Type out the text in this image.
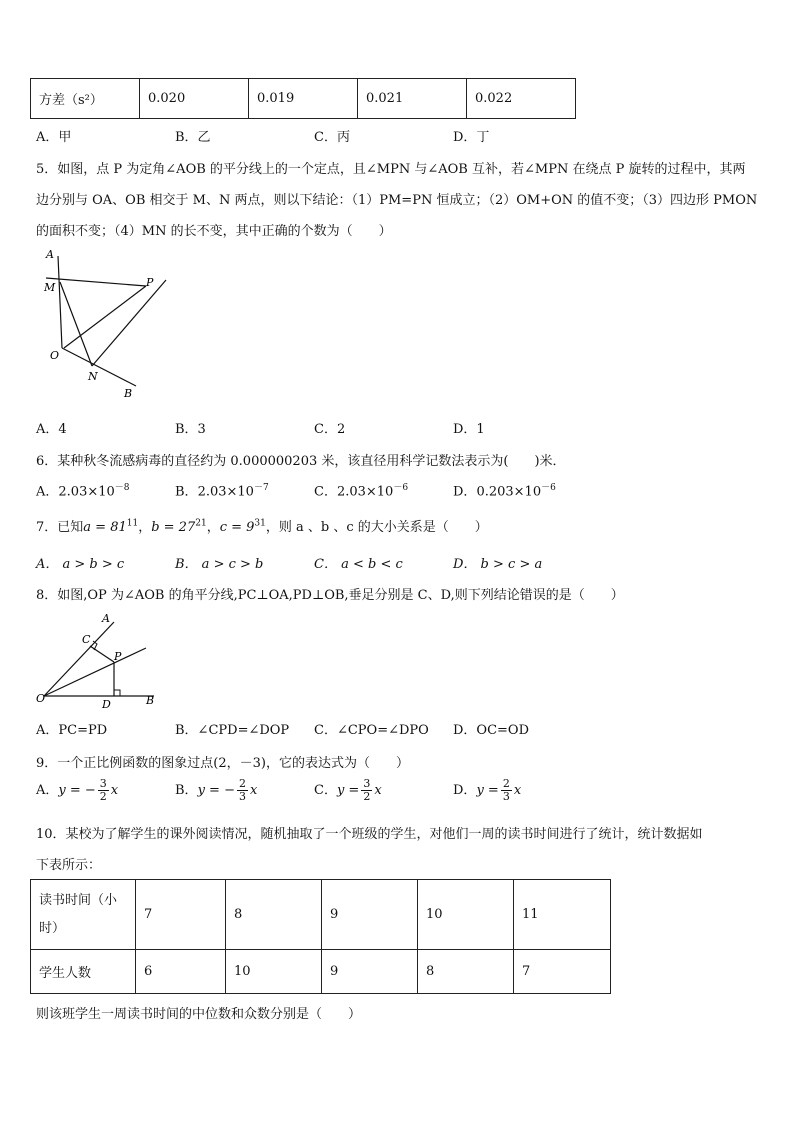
方差（s²）	0.020	0.019	0.021	0.022
A．甲	B．乙	C．丙	D．丁
5．如图，点 P 为定角∠AOB 的平分线上的一个定点，且∠MPN 与∠AOB 互补，若∠MPN 在绕点 P 旋转的过程中，其两
边分别与 OA、OB 相交于 M、N 两点，则以下结论：（1）PM=PN 恒成立；（2）OM+ON 的值不变；（3）四边形 PMON
的面积不变；（4）MN 的长不变，其中正确的个数为（　　）
A
M	P
O
N
B
A．4	B．3	C．2	D．1
6．某种秋冬流感病毒的直径约为 0.000000203 米，该直径用科学记数法表示为(　　)米．
A．$2.03\times 10^{-8}$	B．$2.03\times 10^{-7}$	C．$2.03\times 10^{-6}$	D．$0.203\times 10^{-6}$
7．已知$a = 81^{11}$，$b = 27^{21}$，$c = 9^{31}$，则 a 、b 、c 的大小关系是（　　）
A． a > b > c	B． a > c > b	C． a < b < c	D． b > c > a
8．如图,OP 为∠AOB 的角平分线,PC⊥OA,PD⊥OB,垂足分别是 C、D,则下列结论错误的是（　　）
A
C
P
O	D	B
A．PC=PD	B．∠CPD=∠DOP C．∠CPO=∠DPO D．OC=OD
9．一个正比例函数的图象过点(2，－3)，它的表达式为（　　）
A．y = − $\frac{3}{2}$ x	B．y = − $\frac{2}{3}$ x	C．$y = \frac{3}{2}$ x	D．$y = \frac{2}{3}$ x
10．某校为了解学生的课外阅读情况，随机抽取了一个班级的学生，对他们一周的读书时间进行了统计，统计数据如
下表所示：
读书时间（小时）	7	8	9	10	11
学生人数	6	10	9	8	7
则该班学生一周读书时间的中位数和众数分别是（　　）
